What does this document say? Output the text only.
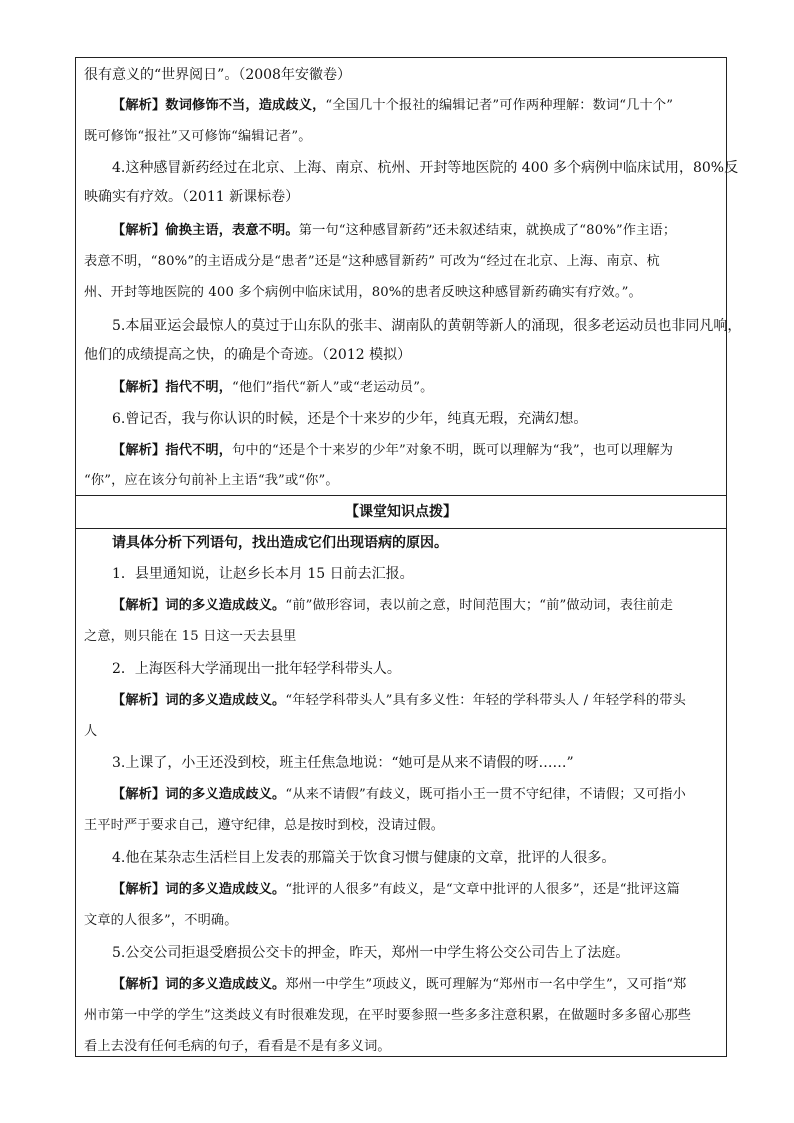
很有意义的“世界阅日”。（2008年安徽卷）
【解析】数词修饰不当，造成歧义，“全国几十个报社的编辑记者”可作两种理解：数词“几十个”
既可修饰“报社”又可修饰“编辑记者”。
4.这种感冒新药经过在北京、上海、南京、杭州、开封等地医院的 400 多个病例中临床试用，80%反
映确实有疗效。（2011 新课标卷）
【解析】偷换主语，表意不明。第一句“这种感冒新药”还未叙述结束，就换成了“80%”作主语；
表意不明，“80%”的主语成分是“患者”还是“这种感冒新药” 可改为“经过在北京、上海、南京、杭
州、开封等地医院的 400 多个病例中临床试用，80%的患者反映这种感冒新药确实有疗效。”。
5.本届亚运会最惊人的莫过于山东队的张丰、湖南队的黄朝等新人的涌现，很多老运动员也非同凡响，
他们的成绩提高之快，的确是个奇迹。（2012 模拟）
【解析】指代不明，“他们”指代“新人”或“老运动员”。
6.曾记否，我与你认识的时候，还是个十来岁的少年，纯真无瑕，充满幻想。
【解析】指代不明，句中的“还是个十来岁的少年”对象不明，既可以理解为“我”，也可以理解为
“你”，应在该分句前补上主语“我”或“你”。
【课堂知识点拨】
请具体分析下列语句，找出造成它们出现语病的原因。
1．县里通知说，让赵乡长本月 15 日前去汇报。
【解析】词的多义造成歧义。“前”做形容词，表以前之意，时间范围大；“前”做动词，表往前走
之意，则只能在 15 日这一天去县里
2．上海医科大学涌现出一批年轻学科带头人。
【解析】词的多义造成歧义。“年轻学科带头人”具有多义性：年轻的学科带头人 / 年轻学科的带头
人
3.上课了，小王还没到校，班主任焦急地说：“她可是从来不请假的呀……”
【解析】词的多义造成歧义。“从来不请假”有歧义，既可指小王一贯不守纪律，不请假；又可指小
王平时严于要求自己，遵守纪律，总是按时到校，没请过假。
4.他在某杂志生活栏目上发表的那篇关于饮食习惯与健康的文章，批评的人很多。
【解析】词的多义造成歧义。“批评的人很多”有歧义，是“文章中批评的人很多”，还是“批评这篇
文章的人很多”，不明确。
5.公交公司拒退受磨损公交卡的押金，昨天，郑州一中学生将公交公司告上了法庭。
【解析】词的多义造成歧义。郑州一中学生”项歧义，既可理解为“郑州市一名中学生”，又可指“郑
州市第一中学的学生”这类歧义有时很难发现，在平时要参照一些多多注意积累，在做题时多多留心那些
看上去没有任何毛病的句子，看看是不是有多义词。
